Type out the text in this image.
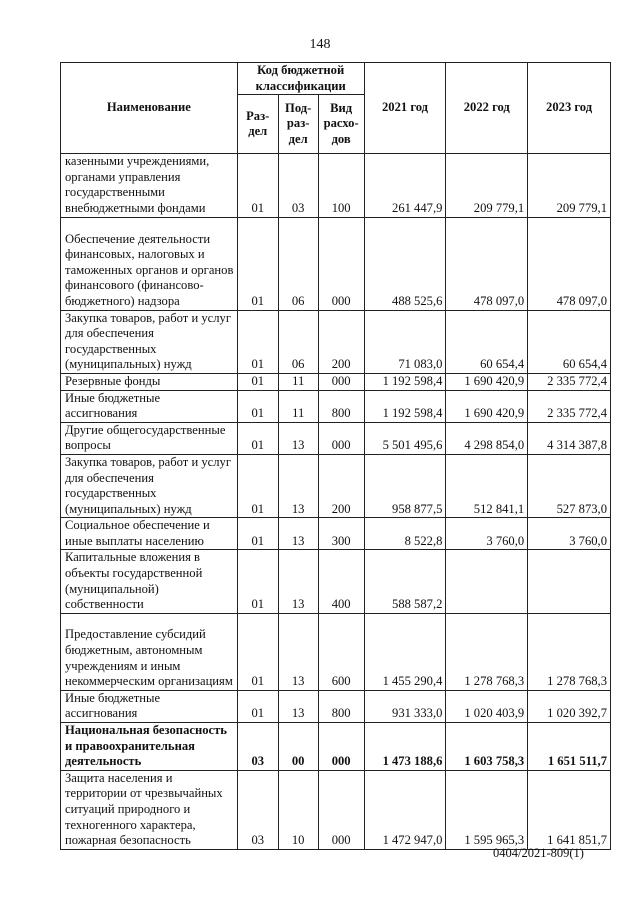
148
Наименование	Код бюджетной классификации			2021 год	2022 год	2023 год
	Раз-дел	Под-раз-дел	Вид расхо-дов			
казенными учреждениями, органами управления государственными внебюджетными фондами	01	03	100	261 447,9	209 779,1	209 779,1
Обеспечение деятельности финансовых, налоговых и таможенных органов и органов финансового (финансово-бюджетного) надзора	01	06	000	488 525,6	478 097,0	478 097,0
Закупка товаров, работ и услуг для обеспечения государственных (муниципальных) нужд	01	06	200	71 083,0	60 654,4	60 654,4
Резервные фонды	01	11	000	1 192 598,4	1 690 420,9	2 335 772,4
Иные бюджетные ассигнования	01	11	800	1 192 598,4	1 690 420,9	2 335 772,4
Другие общегосударственные вопросы	01	13	000	5 501 495,6	4 298 854,0	4 314 387,8
Закупка товаров, работ и услуг для обеспечения государственных (муниципальных) нужд	01	13	200	958 877,5	512 841,1	527 873,0
Социальное обеспечение и иные выплаты населению	01	13	300	8 522,8	3 760,0	3 760,0
Капитальные вложения в объекты государственной (муниципальной) собственности	01	13	400	588 587,2		
Предоставление субсидий бюджетным, автономным учреждениям и иным некоммерческим организациям	01	13	600	1 455 290,4	1 278 768,3	1 278 768,3
Иные бюджетные ассигнования	01	13	800	931 333,0	1 020 403,9	1 020 392,7
Национальная безопасность и правоохранительная деятельность	03	00	000	1 473 188,6	1 603 758,3	1 651 511,7
Защита населения и территории от чрезвычайных ситуаций природного и техногенного характера, пожарная безопасность	03	10	000	1 472 947,0	1 595 965,3	1 641 851,7
0404/2021-809(1)
